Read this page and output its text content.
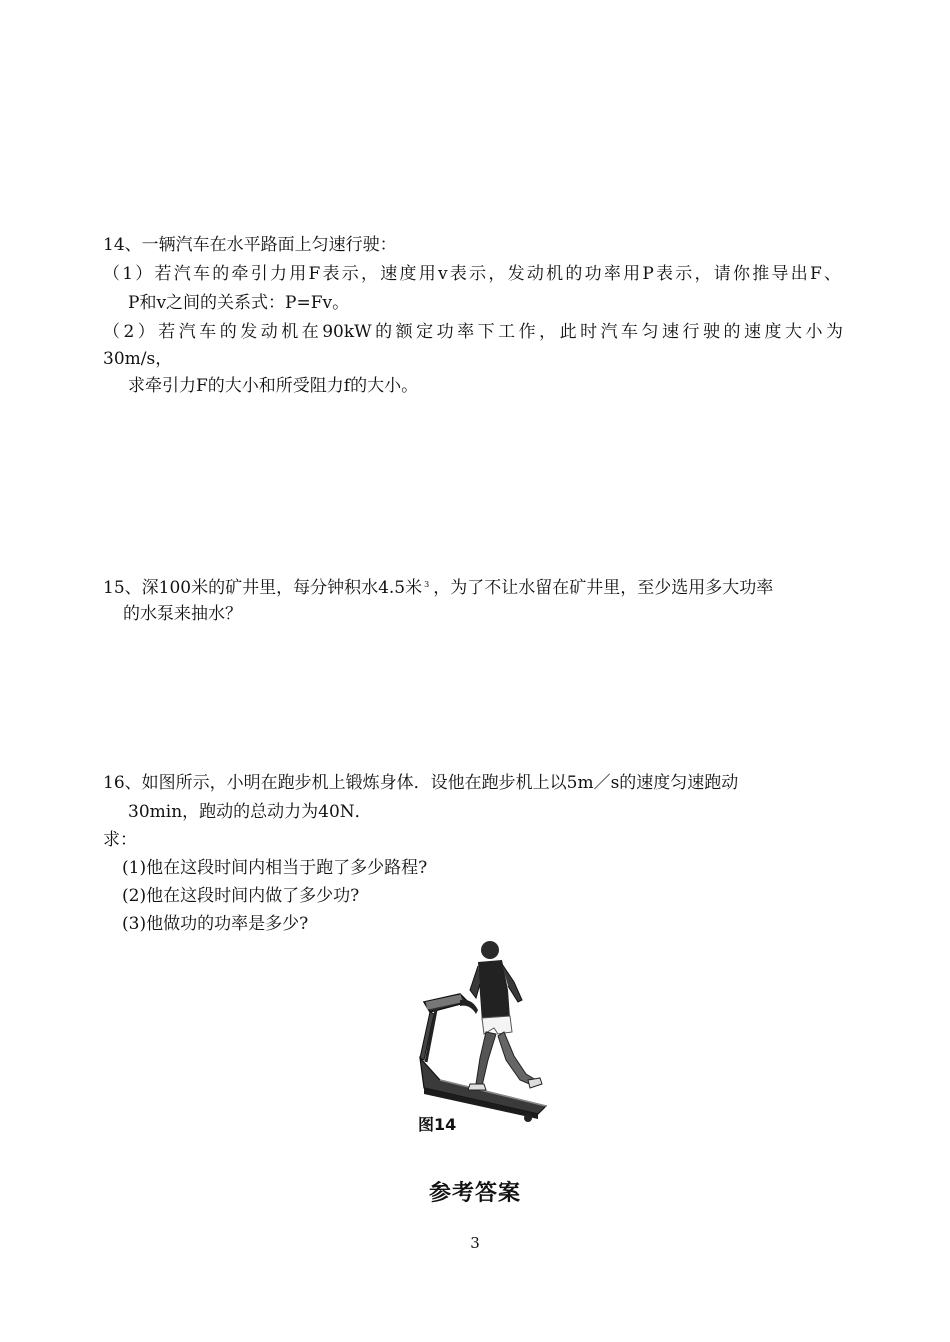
14、一辆汽车在水平路面上匀速行驶：
（1）若汽车的牵引力用F表示，速度用v表示，发动机的功率用P表示，请你推导出F、
P和v之间的关系式：P=Fv。
（2）若汽车的发动机在90kW的额定功率下工作，此时汽车匀速行驶的速度大小为
30m/s，
求牵引力F的大小和所受阻力f的大小。
15、深100米的矿井里，每分钟积水4.5米 $^3$ ，为了不让水留在矿井里，至少选用多大功率
的水泵来抽水？
16、如图所示，小明在跑步机上锻炼身体．设他在跑步机上以5m／s的速度匀速跑动
30min，跑动的总动力为40N．
求：
(1)他在这段时间内相当于跑了多少路程?
(2)他在这段时间内做了多少功?
(3)他做功的功率是多少?
图14
参考答案
3
